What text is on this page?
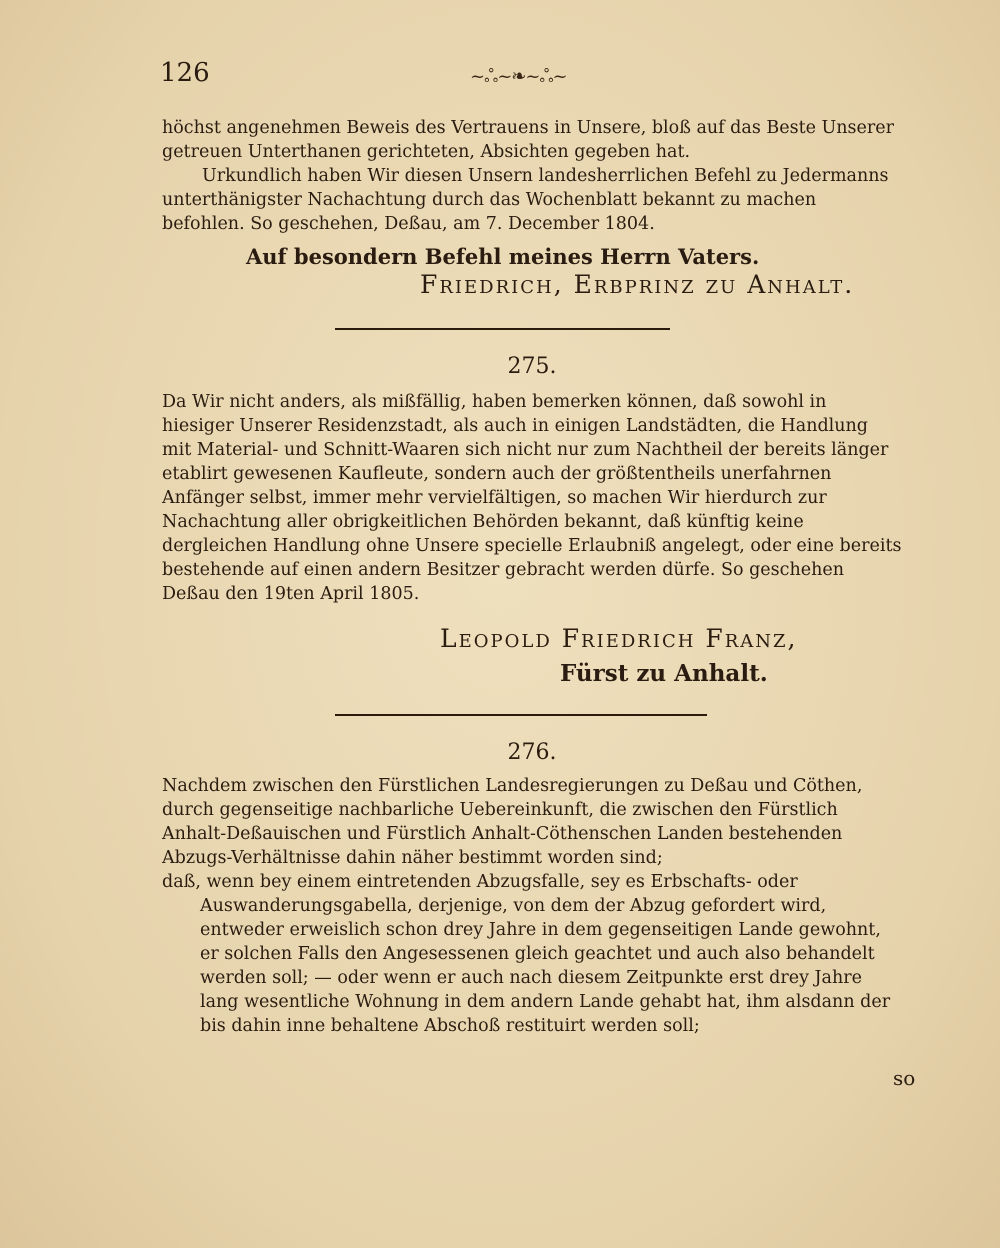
126	~ஃ~❧~ஃ~

höchst angenehmen Beweis des Vertrauens in Unsere, bloß auf das Beste Unserer getreuen Unterthanen gerichteten, Absichten gegeben hat.

Urkundlich haben Wir diesen Unsern landesherrlichen Befehl zu Jedermanns unterthänigster Nachachtung durch das Wochenblatt bekannt zu machen befohlen. So geschehen, Deßau, am 7. December 1804.

Auf besondern Befehl meines Herrn Vaters.
Friedrich, Erbprinz zu Anhalt.
275.

Da Wir nicht anders, als mißfällig, haben bemerken können, daß sowohl in hiesiger Unserer Residenzstadt, als auch in einigen Landstädten, die Handlung mit Material- und Schnitt-Waaren sich nicht nur zum Nachtheil der bereits länger etablirt gewesenen Kaufleute, sondern auch der größtentheils unerfahrnen Anfänger selbst, immer mehr vervielfältigen, so machen Wir hierdurch zur Nachachtung aller obrigkeitlichen Behörden bekannt, daß künftig keine dergleichen Handlung ohne Unsere specielle Erlaubniß angelegt, oder eine bereits bestehende auf einen andern Besitzer gebracht werden dürfe. So geschehen Deßau den 19ten April 1805.

Leopold Friedrich Franz,
Fürst zu Anhalt.
276.

Nachdem zwischen den Fürstlichen Landesregierungen zu Deßau und Cöthen, durch gegenseitige nachbarliche Uebereinkunft, die zwischen den Fürstlich Anhalt-Deßauischen und Fürstlich Anhalt-Cöthenschen Landen bestehenden Abzugs-Verhältnisse dahin näher bestimmt worden sind;

daß, wenn bey einem eintretenden Abzugsfalle, sey es Erbschafts- oder Auswanderungsgabella, derjenige, von dem der Abzug gefordert wird, entweder erweislich schon drey Jahre in dem gegenseitigen Lande gewohnt, er solchen Falls den Angesessenen gleich geachtet und auch also behandelt werden soll; — oder wenn er auch nach diesem Zeitpunkte erst drey Jahre lang wesentliche Wohnung in dem andern Lande gehabt hat, ihm alsdann der bis dahin inne behaltene Abschoß restituirt werden soll;

so
